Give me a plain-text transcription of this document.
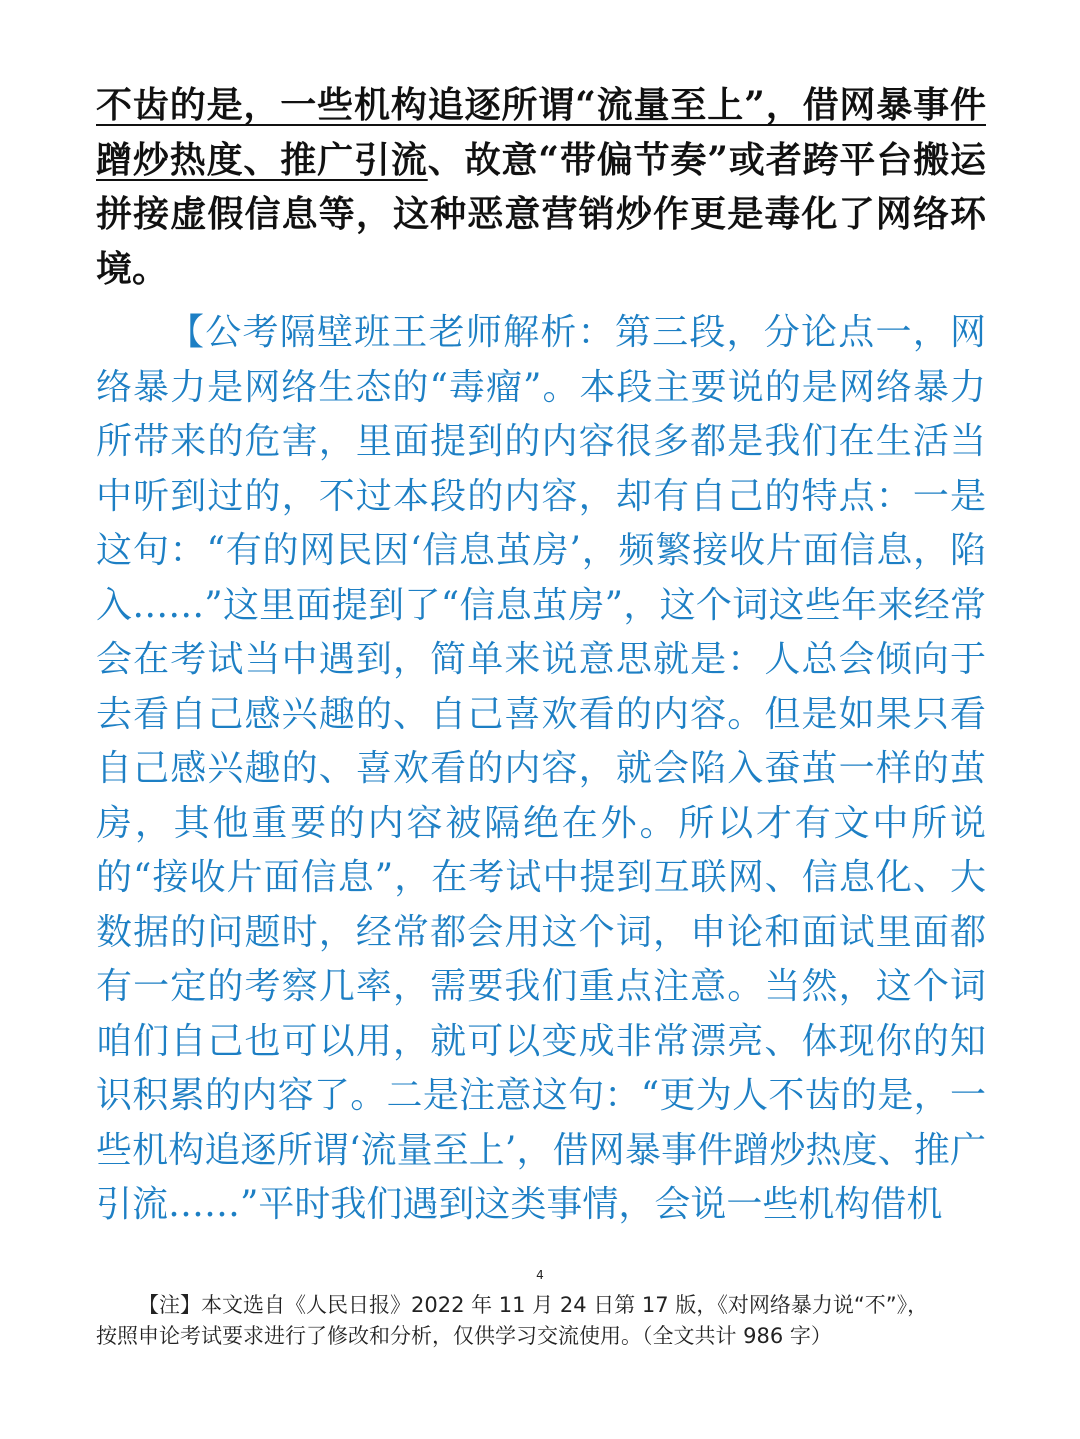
不齿的是，一些机构追逐所谓“流量至上”，借网暴事件蹭炒热度、推广引流、故意“带偏节奏”或者跨平台搬运拼接虚假信息等，这种恶意营销炒作更是毒化了网络环境。
【公考隔壁班王老师解析：第三段，分论点一，网络暴力是网络生态的“毒瘤”。本段主要说的是网络暴力所带来的危害，里面提到的内容很多都是我们在生活当中听到过的，不过本段的内容，却有自己的特点：一是这句：“有的网民因‘信息茧房’，频繁接收片面信息，陷入……”这里面提到了“信息茧房”，这个词这些年来经常会在考试当中遇到，简单来说意思就是：人总会倾向于去看自己感兴趣的、自己喜欢看的内容。但是如果只看自己感兴趣的、喜欢看的内容，就会陷入蚕茧一样的茧房，其他重要的内容被隔绝在外。所以才有文中所说的“接收片面信息”，在考试中提到互联网、信息化、大数据的问题时，经常都会用这个词，申论和面试里面都有一定的考察几率，需要我们重点注意。当然，这个词咱们自己也可以用，就可以变成非常漂亮、体现你的知识积累的内容了。二是注意这句：“更为人不齿的是，一些机构追逐所谓‘流量至上’，借网暴事件蹭炒热度、推广引流……”平时我们遇到这类事情，会说一些机构借机
4
【注】本文选自《人民日报》2022 年 11 月 24 日第 17 版，《对网络暴力说“不”》，
按照申论考试要求进行了修改和分析，仅供学习交流使用。（全文共计 986 字）
